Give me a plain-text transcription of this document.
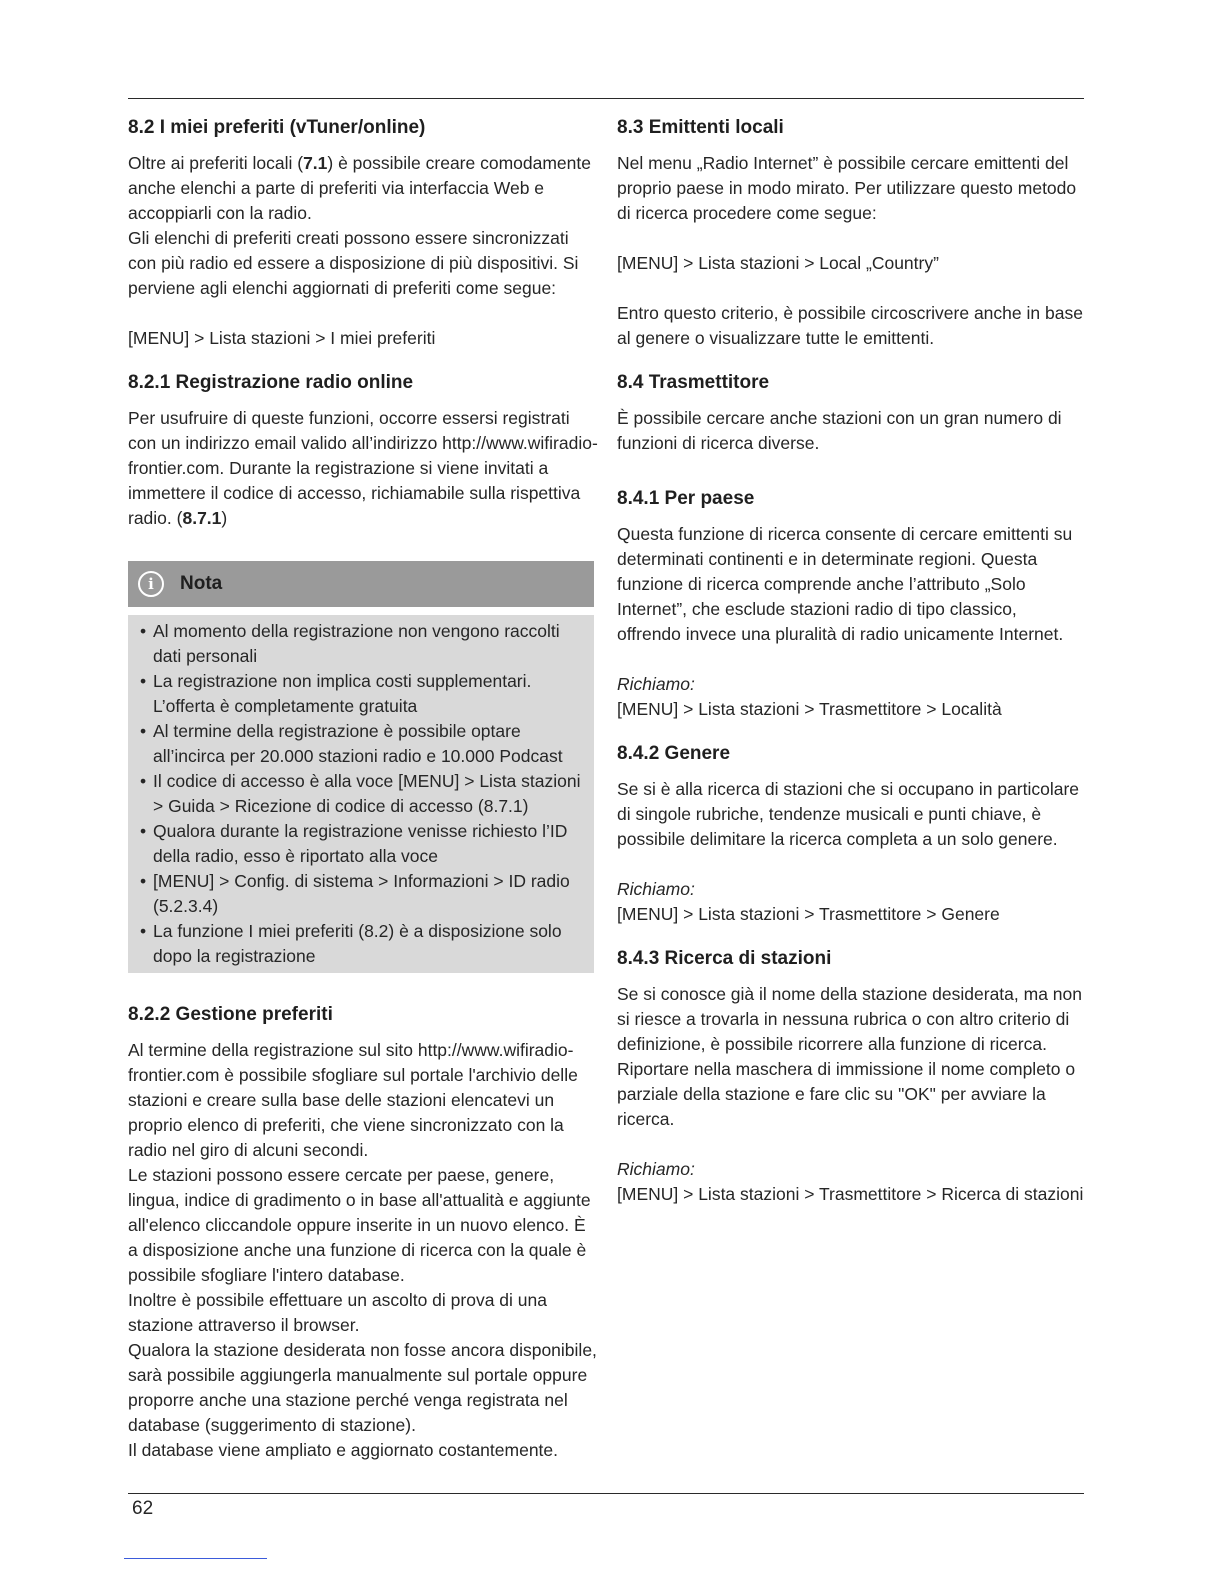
8.2 I miei preferiti (vTuner/online)

Oltre ai preferiti locali (7.1) è possibile creare comodamente anche elenchi a parte di preferiti via interfaccia Web e accoppiarli con la radio.

Gli elenchi di preferiti creati possono essere sincronizzati con più radio ed essere a disposizione di più dispositivi. Si perviene agli elenchi aggiornati di preferiti come segue:

[MENU] > Lista stazioni > I miei preferiti

8.2.1 Registrazione radio online

Per usufruire di queste funzioni, occorre essersi registrati con un indirizzo email valido all’indirizzo http://www.wifiradio-frontier.com. Durante la registrazione si viene invitati a immettere il codice di accesso, richiamabile sulla rispettiva radio. (8.7.1)

i	Nota
• Al momento della registrazione non vengono raccolti dati personali
• La registrazione non implica costi supplementari. L’offerta è completamente gratuita
• Al termine della registrazione è possibile optare all’incirca per 20.000 stazioni radio e 10.000 Podcast
• Il codice di accesso è alla voce [MENU] > Lista stazioni > Guida > Ricezione di codice di accesso (8.7.1)
• Qualora durante la registrazione venisse richiesto l’ID della radio, esso è riportato alla voce
• [MENU] > Config. di sistema > Informazioni > ID radio (5.2.3.4)
• La funzione I miei preferiti (8.2) è a disposizione solo dopo la registrazione
8.2.2 Gestione preferiti

Al termine della registrazione sul sito http://www.wifiradio-frontier.com è possibile sfogliare sul portale l'archivio delle stazioni e creare sulla base delle stazioni elencatevi un proprio elenco di preferiti, che viene sincronizzato con la radio nel giro di alcuni secondi.

Le stazioni possono essere cercate per paese, genere, lingua, indice di gradimento o in base all'attualità e aggiunte all'elenco cliccandole oppure inserite in un nuovo elenco. È a disposizione anche una funzione di ricerca con la quale è possibile sfogliare l'intero database.

Inoltre è possibile effettuare un ascolto di prova di una stazione attraverso il browser.

Qualora la stazione desiderata non fosse ancora disponibile, sarà possibile aggiungerla manualmente sul portale oppure proporre anche una stazione perché venga registrata nel database (suggerimento di stazione).

Il database viene ampliato e aggiornato costantemente.

8.3 Emittenti locali

Nel menu „Radio Internet” è possibile cercare emittenti del proprio paese in modo mirato. Per utilizzare questo metodo di ricerca procedere come segue:

[MENU] > Lista stazioni > Local „Country”

Entro questo criterio, è possibile circoscrivere anche in base al genere o visualizzare tutte le emittenti.

8.4 Trasmettitore

È possibile cercare anche stazioni con un gran numero di funzioni di ricerca diverse.

8.4.1 Per paese

Questa funzione di ricerca consente di cercare emittenti su determinati continenti e in determinate regioni. Questa funzione di ricerca comprende anche l’attributo „Solo Internet”, che esclude stazioni radio di tipo classico, offrendo invece una pluralità di radio unicamente Internet.

Richiamo:

[MENU] > Lista stazioni > Trasmettitore > Località

8.4.2 Genere

Se si è alla ricerca di stazioni che si occupano in particolare di singole rubriche, tendenze musicali e punti chiave, è possibile delimitare la ricerca completa a un solo genere.

Richiamo:

[MENU] > Lista stazioni > Trasmettitore > Genere

8.4.3 Ricerca di stazioni

Se si conosce già il nome della stazione desiderata, ma non si riesce a trovarla in nessuna rubrica o con altro criterio di definizione, è possibile ricorrere alla funzione di ricerca. Riportare nella maschera di immissione il nome completo o parziale della stazione e fare clic su "OK" per avviare la ricerca.

Richiamo:

[MENU] > Lista stazioni > Trasmettitore > Ricerca di stazioni

62
